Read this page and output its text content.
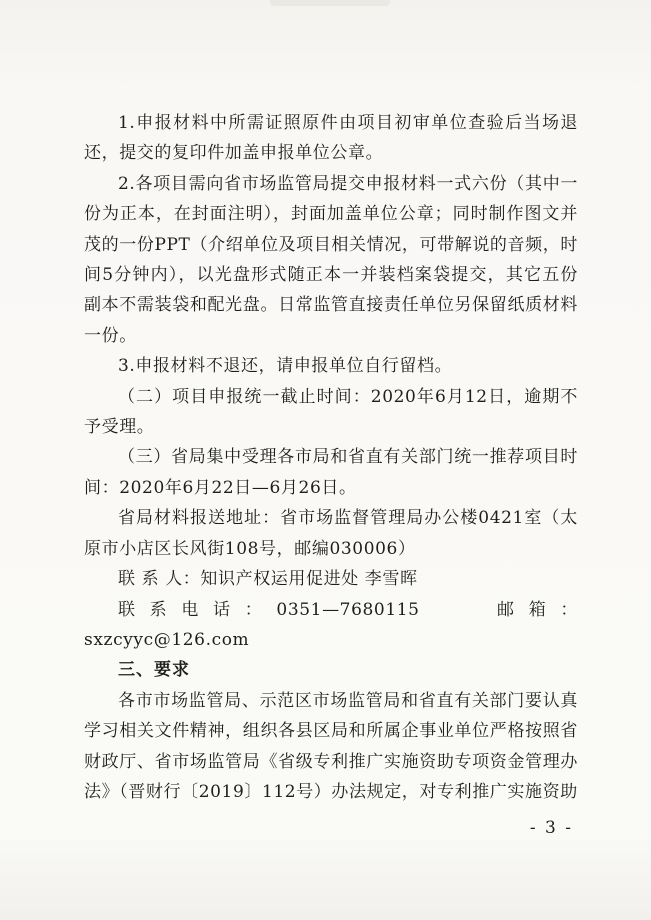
1.申报材料中所需证照原件由项目初审单位查验后当场退还，提交的复印件加盖申报单位公章。

2.各项目需向省市场监管局提交申报材料一式六份（其中一份为正本，在封面注明），封面加盖单位公章；同时制作图文并茂的一份PPT（介绍单位及项目相关情况，可带解说的音频，时间5分钟内），以光盘形式随正本一并装档案袋提交，其它五份副本不需装袋和配光盘。日常监管直接责任单位另保留纸质材料一份。

3.申报材料不退还，请申报单位自行留档。

（二）项目申报统一截止时间：2020年6月12日，逾期不予受理。

（三）省局集中受理各市局和省直有关部门统一推荐项目时间：2020年6月22日—6月26日。

省局材料报送地址：省市场监督管理局办公楼0421室（太原市小店区长风街108号，邮编030006）

联 系 人：知识产权运用促进处 李雪晖

联系电话：0351—7680115　　邮箱：sxzcyyc@126.com

三、要求

各市市场监管局、示范区市场监管局和省直有关部门要认真学习相关文件精神，组织各县区局和所属企事业单位严格按照省财政厅、省市场监管局《省级专利推广实施资助专项资金管理办法》（晋财行〔2019〕112号）办法规定，对专利推广实施资助

- 3 -
